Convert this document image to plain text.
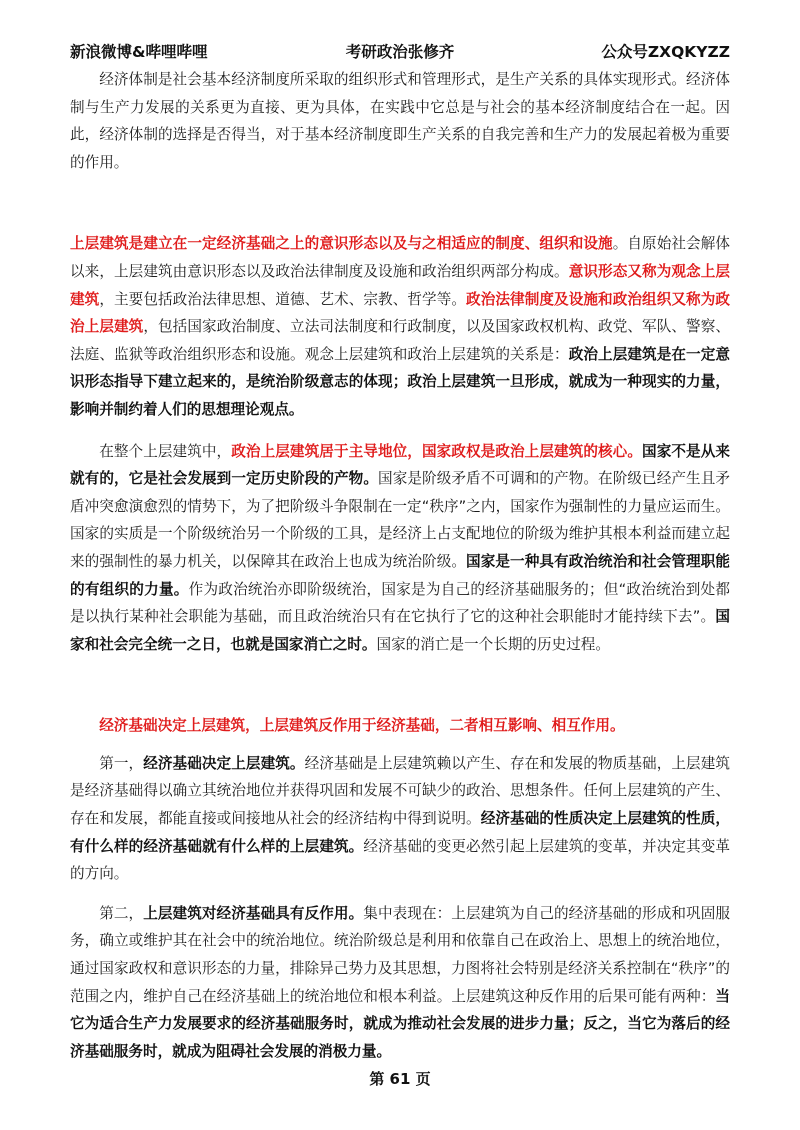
新浪微博&哔哩哔哩	考研政治张修齐	公众号ZXQKYZZ

经济体制是社会基本经济制度所采取的组织形式和管理形式，是生产关系的具体实现形式。经济体制与生产力发展的关系更为直接、更为具体，在实践中它总是与社会的基本经济制度结合在一起。因此，经济体制的选择是否得当，对于基本经济制度即生产关系的自我完善和生产力的发展起着极为重要的作用。

上层建筑是建立在一定经济基础之上的意识形态以及与之相适应的制度、组织和设施。自原始社会解体以来，上层建筑由意识形态以及政治法律制度及设施和政治组织两部分构成。意识形态又称为观念上层建筑，主要包括政治法律思想、道德、艺术、宗教、哲学等。政治法律制度及设施和政治组织又称为政治上层建筑，包括国家政治制度、立法司法制度和行政制度，以及国家政权机构、政党、军队、警察、法庭、监狱等政治组织形态和设施。观念上层建筑和政治上层建筑的关系是：政治上层建筑是在一定意识形态指导下建立起来的，是统治阶级意志的体现；政治上层建筑一旦形成，就成为一种现实的力量，影响并制约着人们的思想理论观点。

在整个上层建筑中，政治上层建筑居于主导地位，国家政权是政治上层建筑的核心。国家不是从来就有的，它是社会发展到一定历史阶段的产物。国家是阶级矛盾不可调和的产物。在阶级已经产生且矛盾冲突愈演愈烈的情势下，为了把阶级斗争限制在一定“秩序”之内，国家作为强制性的力量应运而生。国家的实质是一个阶级统治另一个阶级的工具，是经济上占支配地位的阶级为维护其根本利益而建立起来的强制性的暴力机关，以保障其在政治上也成为统治阶级。国家是一种具有政治统治和社会管理职能的有组织的力量。作为政治统治亦即阶级统治，国家是为自己的经济基础服务的；但“政治统治到处都是以执行某种社会职能为基础，而且政治统治只有在它执行了它的这种社会职能时才能持续下去”。国家和社会完全统一之日，也就是国家消亡之时。国家的消亡是一个长期的历史过程。

经济基础决定上层建筑，上层建筑反作用于经济基础，二者相互影响、相互作用。

第一，经济基础决定上层建筑。经济基础是上层建筑赖以产生、存在和发展的物质基础，上层建筑是经济基础得以确立其统治地位并获得巩固和发展不可缺少的政治、思想条件。任何上层建筑的产生、存在和发展，都能直接或间接地从社会的经济结构中得到说明。经济基础的性质决定上层建筑的性质，有什么样的经济基础就有什么样的上层建筑。经济基础的变更必然引起上层建筑的变革，并决定其变革的方向。

第二，上层建筑对经济基础具有反作用。集中表现在：上层建筑为自己的经济基础的形成和巩固服务，确立或维护其在社会中的统治地位。统治阶级总是利用和依靠自己在政治上、思想上的统治地位，通过国家政权和意识形态的力量，排除异己势力及其思想，力图将社会特别是经济关系控制在“秩序”的范围之内，维护自己在经济基础上的统治地位和根本利益。上层建筑这种反作用的后果可能有两种：当它为适合生产力发展要求的经济基础服务时，就成为推动社会发展的进步力量；反之，当它为落后的经济基础服务时，就成为阻碍社会发展的消极力量。

第 61 页
